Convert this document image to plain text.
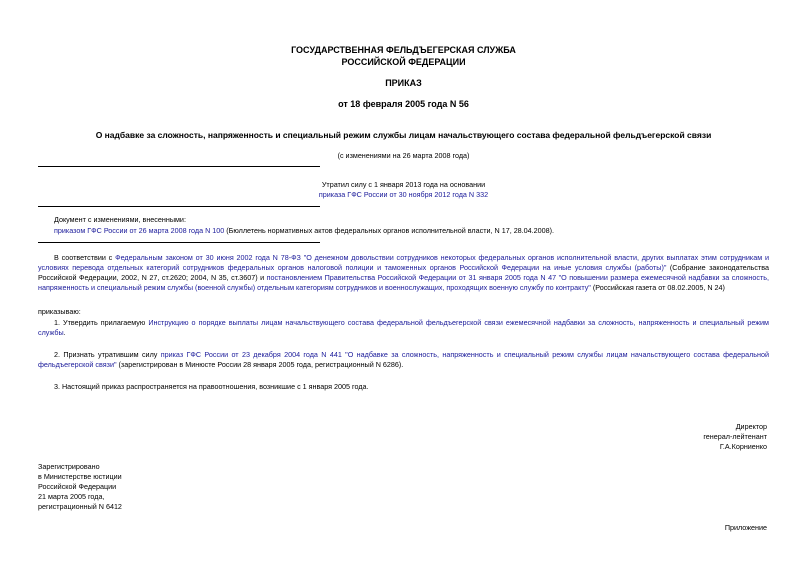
ГОСУДАРСТВЕННАЯ ФЕЛЬДЪЕГЕРСКАЯ СЛУЖБА
РОССИЙСКОЙ ФЕДЕРАЦИИ
ПРИКАЗ
от 18 февраля 2005 года N 56
О надбавке за сложность, напряженность и специальный режим службы лицам начальствующего состава федеральной фельдъегерской связи
(с изменениями на 26 марта 2008 года)
Утратил силу с 1 января 2013 года на основании
приказа ГФС России от 30 ноября 2012 года N 332
Документ с изменениями, внесенными:
приказом ГФС России от 26 марта 2008 года N 100 (Бюллетень нормативных актов федеральных органов исполнительной власти, N 17, 28.04.2008).
В соответствии с Федеральным законом от 30 июня 2002 года N 78-ФЗ "О денежном довольствии сотрудников некоторых федеральных органов исполнительной власти, других выплатах этим сотрудникам и условиях перевода отдельных категорий сотрудников федеральных органов налоговой полиции и таможенных органов Российской Федерации на иные условия службы (работы)" (Собрание законодательства Российской Федерации, 2002, N 27, ст.2620; 2004, N 35, ст.3607) и постановлением Правительства Российской Федерации от 31 января 2005 года N 47 "О повышении размера ежемесячной надбавки за сложность, напряженность и специальный режим службы (военной службы) отдельным категориям сотрудников и военнослужащих, проходящих военную службу по контракту" (Российская газета от 08.02.2005, N 24)
приказываю:
1. Утвердить прилагаемую Инструкцию о порядке выплаты лицам начальствующего состава федеральной фельдъегерской связи ежемесячной надбавки за сложность, напряженность и специальный режим службы.
2. Признать утратившим силу приказ ГФС России от 23 декабря 2004 года N 441 "О надбавке за сложность, напряженность и специальный режим службы лицам начальствующего состава федеральной фельдъегерской связи" (зарегистрирован в Минюсте России 28 января 2005 года, регистрационный N 6286).
3. Настоящий приказ распространяется на правоотношения, возникшие с 1 января 2005 года.
Директор
генерал-лейтенант
Г.А.Корниенко
Зарегистрировано
в Министерстве юстиции
Российской Федерации
21 марта 2005 года,
регистрационный N 6412
Приложение
